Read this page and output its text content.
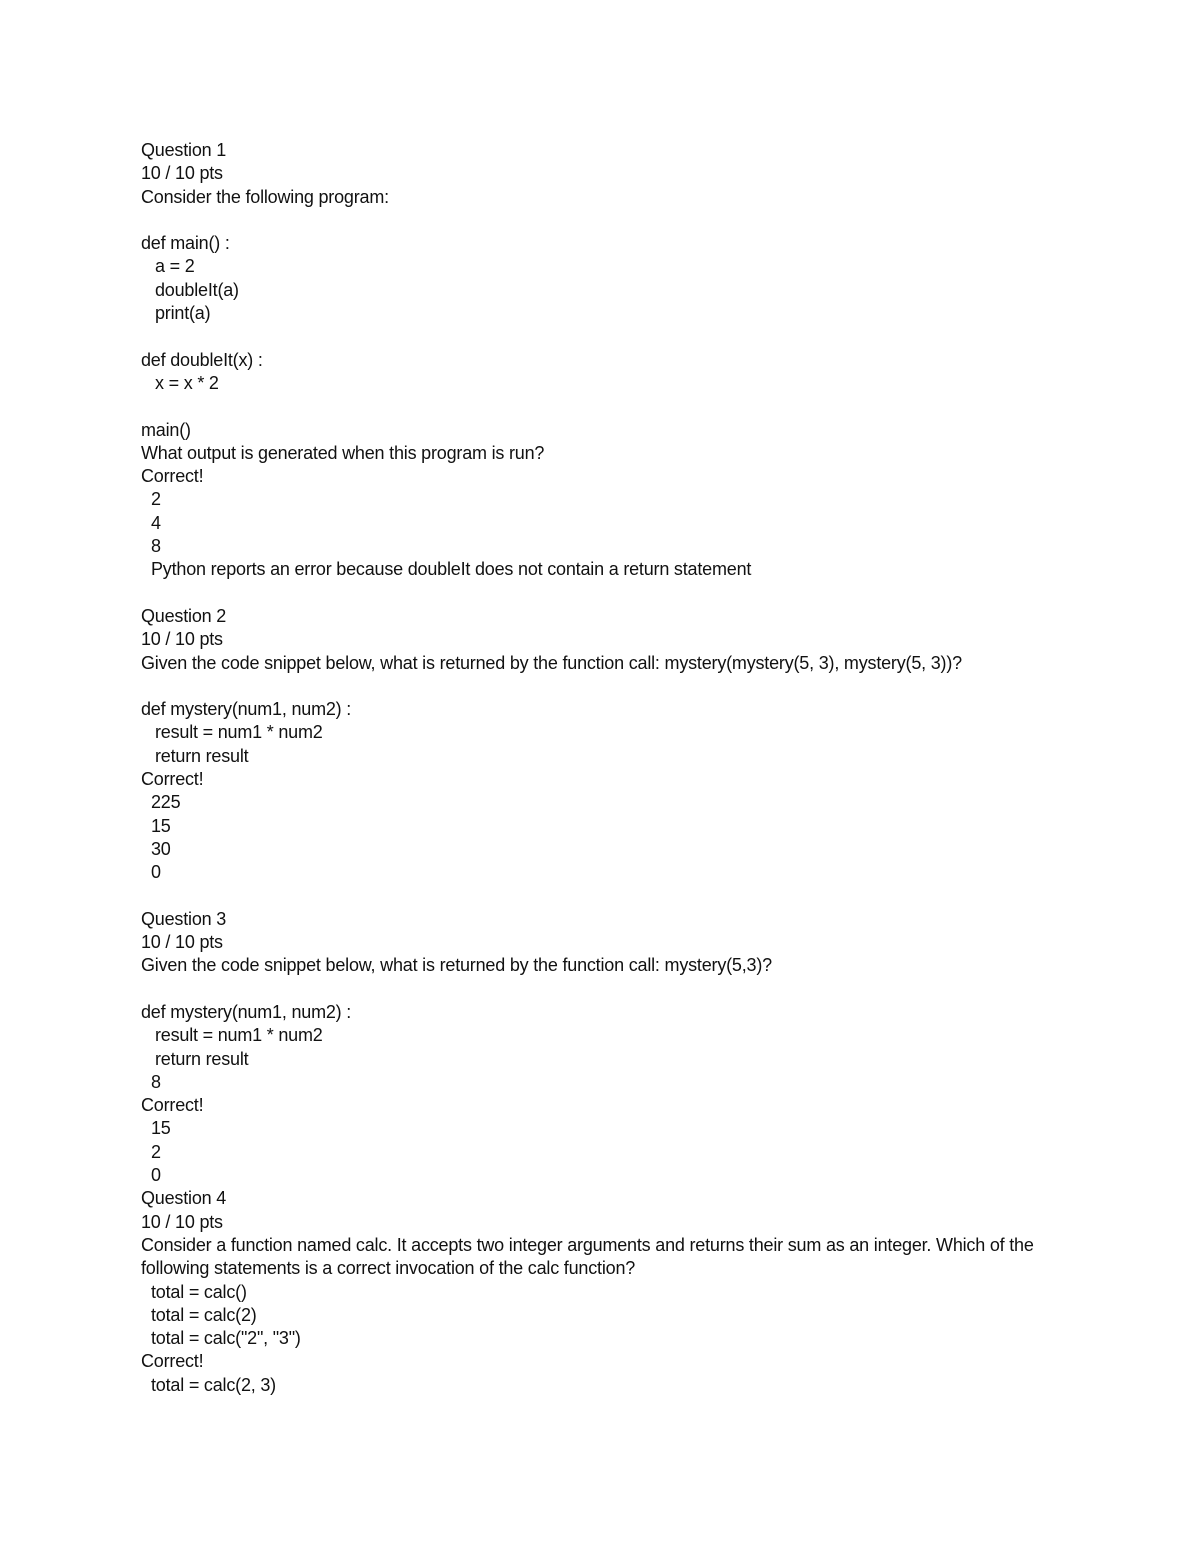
Question 1
10 / 10 pts
Consider the following program:
def main() :
a = 2
doubleIt(a)
print(a)
def doubleIt(x) :
x = x * 2
main()
What output is generated when this program is run?
Correct!
2
4
8
Python reports an error because doubleIt does not contain a return statement
Question 2
10 / 10 pts
Given the code snippet below, what is returned by the function call: mystery(mystery(5, 3), mystery(5, 3))?
def mystery(num1, num2) :
result = num1 * num2
return result
Correct!
225
15
30
0
Question 3
10 / 10 pts
Given the code snippet below, what is returned by the function call: mystery(5,3)?
def mystery(num1, num2) :
result = num1 * num2
return result
8
Correct!
15
2
0
Question 4
10 / 10 pts
Consider a function named calc. It accepts two integer arguments and returns their sum as an integer. Which of the following statements is a correct invocation of the calc function?
total = calc()
total = calc(2)
total = calc("2", "3")
Correct!
total = calc(2, 3)
